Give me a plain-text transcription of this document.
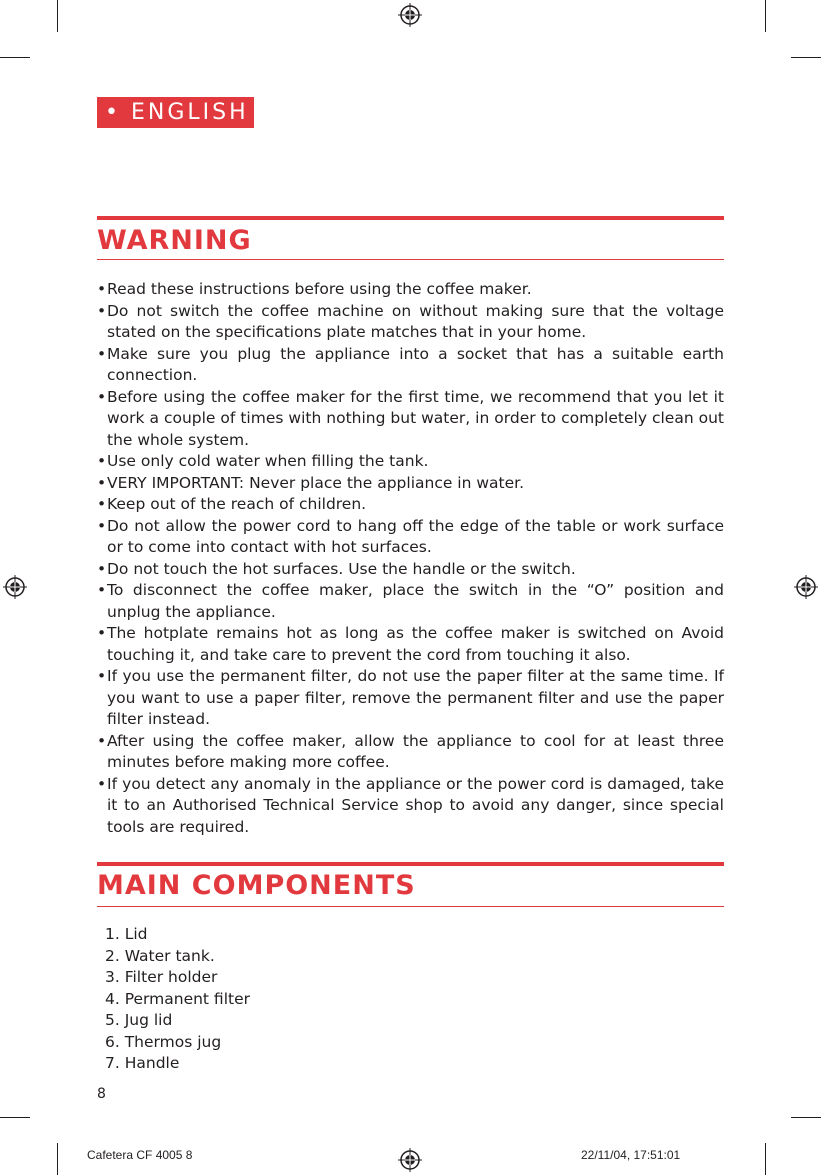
• ENGLISH
WARNING
• Read these instructions before using the coffee maker.
• Do not switch the coffee machine on without making sure that the voltage stated on the specifications plate matches that in your home.
• Make sure you plug the appliance into a socket that has a suitable earth connection.
• Before using the coffee maker for the first time, we recommend that you let it work a couple of times with nothing but water, in order to completely clean out the whole system.
• Use only cold water when filling the tank.
• VERY IMPORTANT: Never place the appliance in water.
• Keep out of the reach of children.
• Do not allow the power cord to hang off the edge of the table or work surface or to come into contact with hot surfaces.
• Do not touch the hot surfaces. Use the handle or the switch.
• To disconnect the coffee maker, place the switch in the “O” position and unplug the appliance.
• The hotplate remains hot as long as the coffee maker is switched on Avoid touching it, and take care to prevent the cord from touching it also.
• If you use the permanent filter, do not use the paper filter at the same time. If you want to use a paper filter, remove the permanent filter and use the paper filter instead.
• After using the coffee maker, allow the appliance to cool for at least three minutes before making more coffee.
• If you detect any anomaly in the appliance or the power cord is damaged, take it to an Authorised Technical Service shop to avoid any danger, since special tools are required.
MAIN COMPONENTS
1. Lid
2. Water tank.
3. Filter holder
4. Permanent filter
5. Jug lid
6. Thermos jug
7. Handle
8
Cafetera CF 4005 8	22/11/04, 17:51:01
